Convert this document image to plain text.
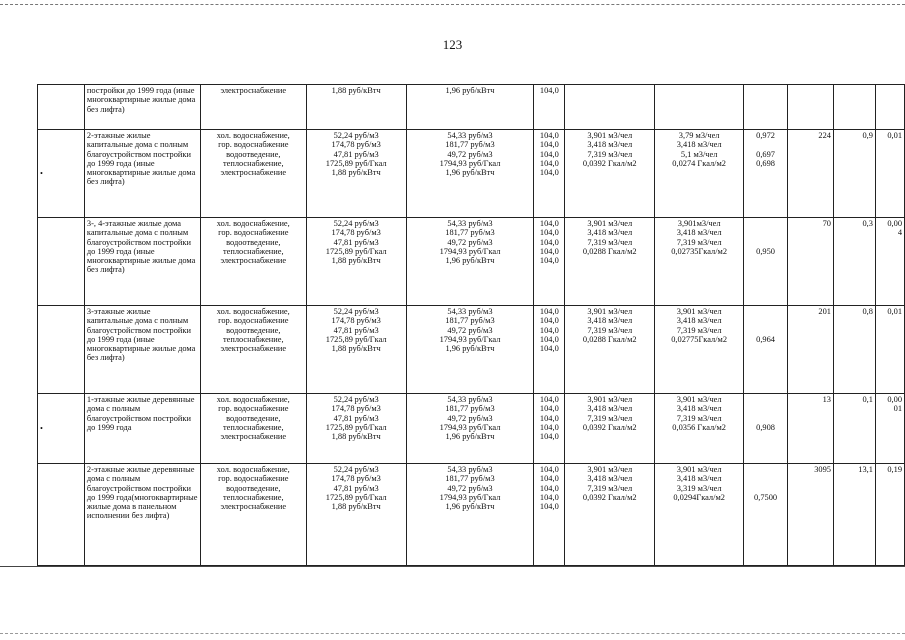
123
	постройки до 1999 года (иные многоквартирные жилые дома без лифта)	электроснабжение	1,88 руб/кВтч	1,96 руб/кВтч	104,0						
•	2-этажные жилые капитальные дома с полным благоустройством постройки до 1999 года (иные многоквартирные жилые дома без лифта)	хол. водоснабжение,
гор. водоснабжение
водоотведение,
теплоснабжение,
электроснабжение	52,24 руб/м3
174,78 руб/м3
47,81 руб/м3
1725,89 руб/Гкал
1,88 руб/кВтч	54,33 руб/м3
181,77 руб/м3
49,72 руб/м3
1794,93 руб/Гкал
1,96 руб/кВтч	104,0
104,0
104,0
104,0
104,0	3,901 м3/чел
3,418 м3/чел
7,319 м3/чел
0,0392 Гкал/м2	3,79 м3/чел
3,418 м3/чел
5,1 м3/чел
0,0274 Гкал/м2	0,972

0,697
0,698	224	0,9	0,01
	3-, 4-этажные жилые дома капитальные дома с полным благоустройством постройки до 1999 года (иные многоквартирные жилые дома без лифта)	хол. водоснабжение,
гор. водоснабжение
водоотведение,
теплоснабжение,
электроснабжение	52,24 руб/м3
174,78 руб/м3
47,81 руб/м3
1725,89 руб/Гкал
1,88 руб/кВтч	54,33 руб/м3
181,77 руб/м3
49,72 руб/м3
1794,93 руб/Гкал
1,96 руб/кВтч	104,0
104,0
104,0
104,0
104,0	3,901 м3/чел
3,418 м3/чел
7,319 м3/чел
0,0288 Гкал/м2	3,901м3/чел
3,418 м3/чел
7,319 м3/чел
0,02735Гкал/м2	

0,950	70	0,3	0,00
4
	3-этажные жилые капитальные дома с полным благоустройством постройки до 1999 года (иные многоквартирные жилые дома без лифта)	хол. водоснабжение,
гор. водоснабжение
водоотведение,
теплоснабжение,
электроснабжение	52,24 руб/м3
174,78 руб/м3
47,81 руб/м3
1725,89 руб/Гкал
1,88 руб/кВтч	54,33 руб/м3
181,77 руб/м3
49,72 руб/м3
1794,93 руб/Гкал
1,96 руб/кВтч	104,0
104,0
104,0
104,0
104,0	3,901 м3/чел
3,418 м3/чел
7,319 м3/чел
0,0288 Гкал/м2	3,901 м3/чел
3,418 м3/чел
7,319 м3/чел
0,02775Гкал/м2	

0,964	201	0,8	0,01
•	1-этажные жилые деревянные дома с полным благоустройством постройки до 1999 года	хол. водоснабжение,
гор. водоснабжение
водоотведение,
теплоснабжение,
электроснабжение	52,24 руб/м3
174,78 руб/м3
47,81 руб/м3
1725,89 руб/Гкал
1,88 руб/кВтч	54,33 руб/м3
181,77 руб/м3
49,72 руб/м3
1794,93 руб/Гкал
1,96 руб/кВтч	104,0
104,0
104,0
104,0
104,0	3,901 м3/чел
3,418 м3/чел
7,319 м3/чел
0,0392 Гкал/м2	3,901 м3/чел
3,418 м3/чел
7,319 м3/чел
0,0356 Гкал/м2	

0,908	13	0,1	0,00
01
	2-этажные жилые деревянные дома с полным благоустройством постройки до 1999 года(многоквартирные жилые дома в панельном исполнении без лифта)	хол. водоснабжение,
гор. водоснабжение
водоотведение,
теплоснабжение,
электроснабжение	52,24 руб/м3
174,78 руб/м3
47,81 руб/м3
1725,89 руб/Гкал
1,88 руб/кВтч	54,33 руб/м3
181,77 руб/м3
49,72 руб/м3
1794,93 руб/Гкал
1,96 руб/кВтч	104,0
104,0
104,0
104,0
104,0	3,901 м3/чел
3,418 м3/чел
7,319 м3/чел
0,0392 Гкал/м2	3,901 м3/чел
3,418 м3/чел
3,319 м3/чел
0,0294Гкал/м2	

0,7500	3095	13,1	0,19
